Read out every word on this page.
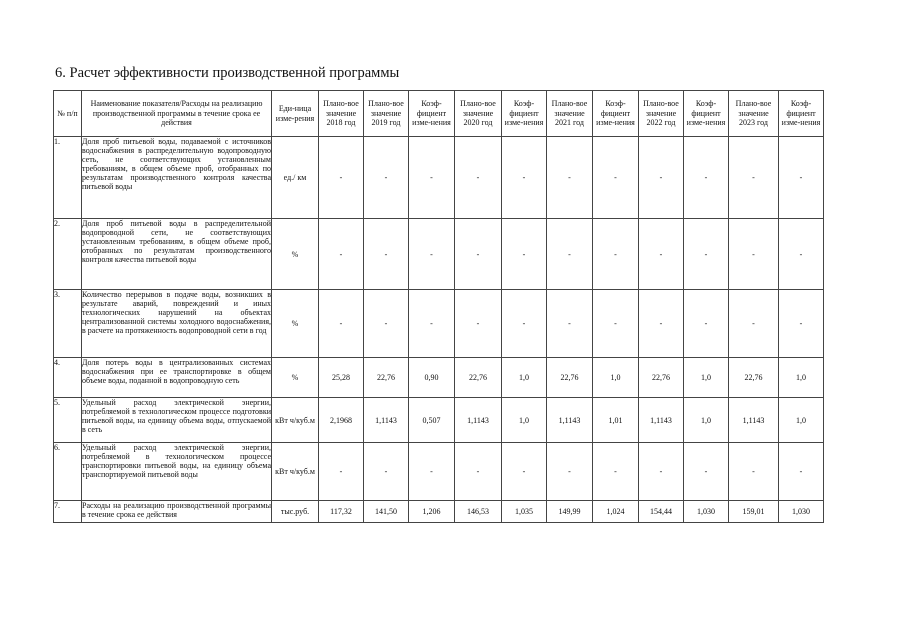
6. Расчет эффективности производственной программы
№ п/п	Наименование показателя/Расходы на реализацию производственной программы в течение срока ее действия	Еди-ница изме-рения	Плано-вое значение 2018 год	Плано-вое значение 2019 год	Коэф-фициент изме-нения	Плано-вое значение 2020 год	Коэф-фициент изме-нения	Плано-вое значение 2021 год	Коэф-фициент изме-нения	Плано-вое значение 2022 год	Коэф-фициент изме-нения	Плано-вое значение 2023 год	Коэф-фициент изме-нения
1.	Доля проб питьевой воды, подаваемой с источников водоснабжения в распределительную водопроводную сеть, не соответствующих установленным требованиям, в общем объеме проб, отобранных по результатам производственного контроля качества питьевой воды	ед./ км	-	-	-	-	-	-	-	-	-	-	-
2.	Доля проб питьевой воды в распределительной водопроводной сети, не соответствующих установленным требованиям, в общем объеме проб, отобранных по результатам производственного контроля качества питьевой воды	%	-	-	-	-	-	-	-	-	-	-	-
3.	Количество перерывов в подаче воды, возникших в результате аварий, повреждений и иных технологических нарушений на объектах централизованной системы холодного водоснабжения, в расчете на протяженность водопроводной сети в год	%	-	-	-	-	-	-	-	-	-	-	-
4.	Доля потерь воды в централизованных системах водоснабжения при ее транспортировке в общем объеме воды, поданной в водопроводную сеть	%	25,28	22,76	0,90	22,76	1,0	22,76	1,0	22,76	1,0	22,76	1,0
5.	Удельный расход электрической энергии, потребляемой в технологическом процессе подготовки питьевой воды, на единицу объема воды, отпускаемой в сеть	кВт ч/куб.м	2,1968	1,1143	0,507	1,1143	1,0	1,1143	1,01	1,1143	1,0	1,1143	1,0
6.	Удельный расход электрической энергии, потребляемой в технологическом процессе транспортировки питьевой воды, на единицу объема транспортируемой питьевой воды	кВт ч/куб.м	-	-	-	-	-	-	-	-	-	-	-
7.	Расходы на реализацию производственной программы в течение срока ее действия	тыс.руб.	117,32	141,50	1,206	146,53	1,035	149,99	1,024	154,44	1,030	159,01	1,030
